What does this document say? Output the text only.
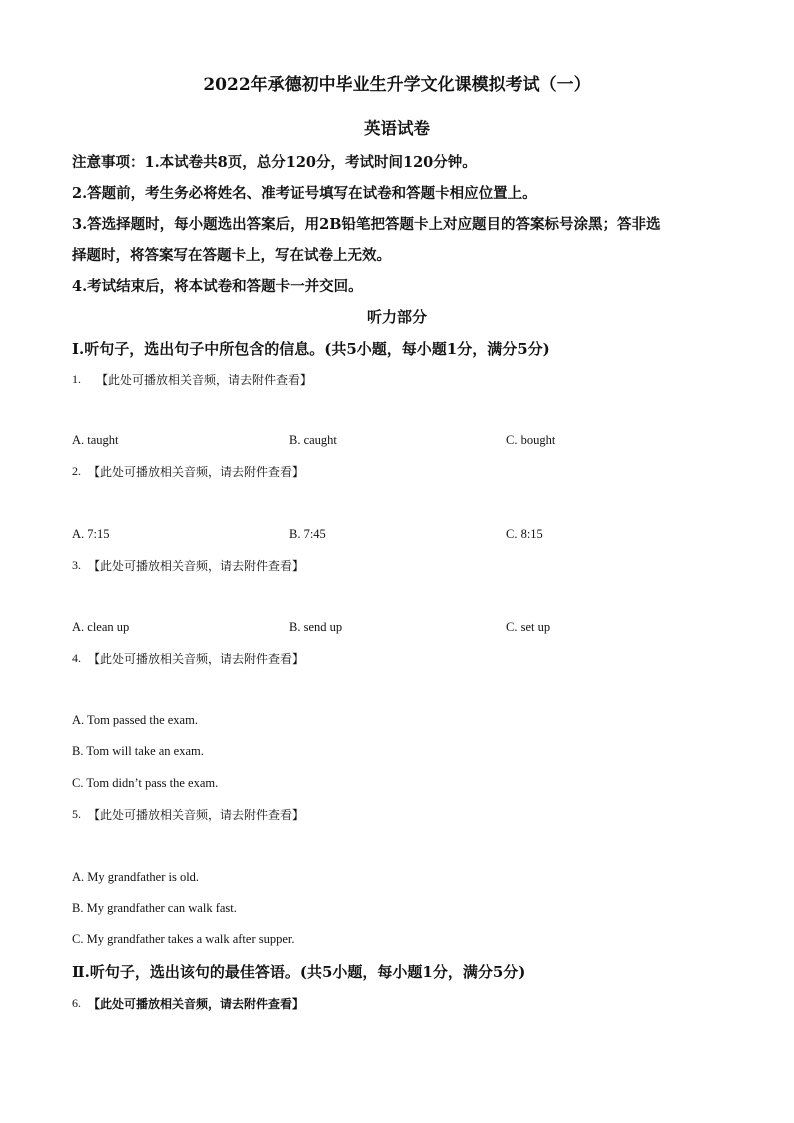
2022年承德初中毕业生升学文化课模拟考试（一）
英语试卷
注意事项：1.本试卷共8页，总分120分，考试时间120分钟。
2.答题前，考生务必将姓名、准考证号填写在试卷和答题卡相应位置上。
3.答选择题时，每小题选出答案后，用2B铅笔把答题卡上对应题目的答案标号涂黑；答非选
择题时，将答案写在答题卡上，写在试卷上无效。
4.考试结束后，将本试卷和答题卡一并交回。
听力部分
Ⅰ.听句子，选出句子中所包含的信息。(共5小题，每小题1分，满分5分)
1. 【此处可播放相关音频，请去附件查看】
A. taught	B. caught	C. bought
2. 【此处可播放相关音频，请去附件查看】
A. 7:15	B. 7:45	C. 8:15
3. 【此处可播放相关音频，请去附件查看】
A. clean up	B. send up	C. set up
4. 【此处可播放相关音频，请去附件查看】
A. Tom passed the exam.
B. Tom will take an exam.
C. Tom didn’t pass the exam.
5. 【此处可播放相关音频，请去附件查看】
A. My grandfather is old.
B. My grandfather can walk fast.
C. My grandfather takes a walk after supper.
Ⅱ.听句子，选出该句的最佳答语。(共5小题，每小题1分，满分5分)
6. 【此处可播放相关音频，请去附件查看】
